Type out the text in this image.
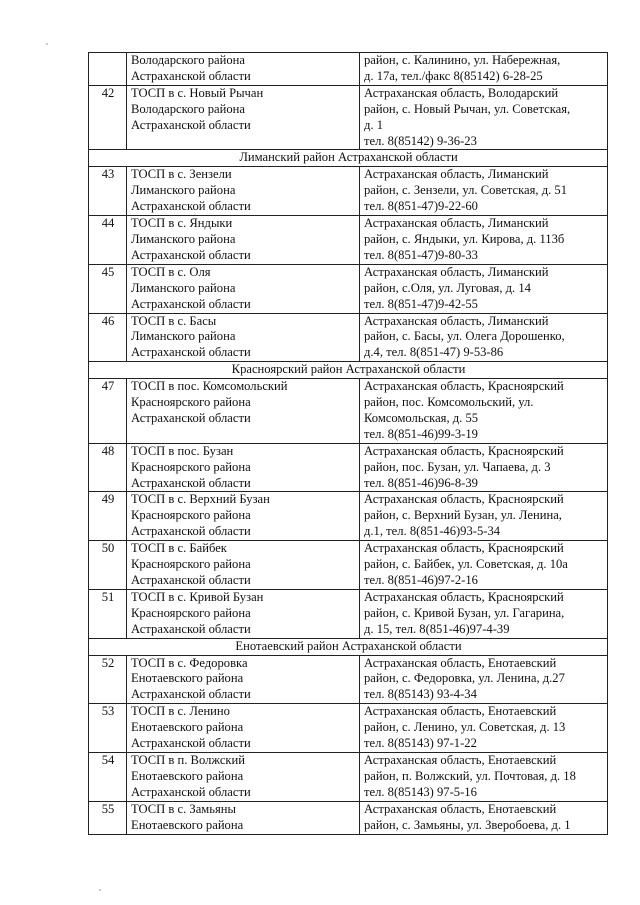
	Володарского района
Астраханской области	район, с. Калинино, ул. Набережная,
д. 17а, тел./факс 8(85142) 6-28-25

42	ТОСП в с. Новый Рычан
Володарского района
Астраханской области	Астраханская область, Володарский
район, с. Новый Рычан, ул. Советская,
д. 1
тел. 8(85142) 9-36-23

Лиманский район Астраханской области		
43	ТОСП в с. Зензели
Лиманского района
Астраханской области	Астраханская область, Лиманский
район, с. Зензели, ул. Советская, д. 51
тел. 8(851-47)9-22-60

44	ТОСП в с. Яндыки
Лиманского района
Астраханской области	Астраханская область, Лиманский
район, с. Яндыки, ул. Кирова, д. 113б
тел. 8(851-47)9-80-33

45	ТОСП в с. Оля
Лиманского района
Астраханской области	Астраханская область, Лиманский
район, с.Оля, ул. Луговая, д. 14
тел. 8(851-47)9-42-55

46	ТОСП в с. Басы
Лиманского района
Астраханской области	Астраханская область, Лиманский
район, с. Басы, ул. Олега Дорошенко,
д.4, тел. 8(851-47) 9-53-86

Красноярский район Астраханской области		
47	ТОСП в пос. Комсомольский
Красноярского района
Астраханской области	Астраханская область, Красноярский
район, пос. Комсомольский, ул.
Комсомольская, д. 55
тел. 8(851-46)99-3-19

48	ТОСП в пос. Бузан
Красноярского района
Астраханской области	Астраханская область, Красноярский
район, пос. Бузан, ул. Чапаева, д. 3
тел. 8(851-46)96-8-39

49	ТОСП в с. Верхний Бузан
Красноярского района
Астраханской области	Астраханская область, Красноярский
район, с. Верхний Бузан, ул. Ленина,
д.1, тел. 8(851-46)93-5-34

50	ТОСП в с. Байбек
Красноярского района
Астраханской области	Астраханская область, Красноярский
район, с. Байбек, ул. Советская, д. 10а
тел. 8(851-46)97-2-16

51	ТОСП в с. Кривой Бузан
Красноярского района
Астраханской области	Астраханская область, Красноярский
район, с. Кривой Бузан, ул. Гагарина,
д. 15, тел. 8(851-46)97-4-39

Енотаевский район Астраханской области		
52	ТОСП в с. Федоровка
Енотаевского района
Астраханской области	Астраханская область, Енотаевский
район, с. Федоровка, ул. Ленина, д.27
тел. 8(85143) 93-4-34

53	ТОСП в с. Ленино
Енотаевского района
Астраханской области	Астраханская область, Енотаевский
район, с. Ленино, ул. Советская, д. 13
тел. 8(85143) 97-1-22

54	ТОСП в п. Волжский
Енотаевского района
Астраханской области	Астраханская область, Енотаевский
район, п. Волжский, ул. Почтовая, д. 18
тел. 8(85143) 97-5-16

55	ТОСП в с. Замьяны
Енотаевского района	Астраханская область, Енотаевский
район, с. Замьяны, ул. Зверобоева, д. 1
